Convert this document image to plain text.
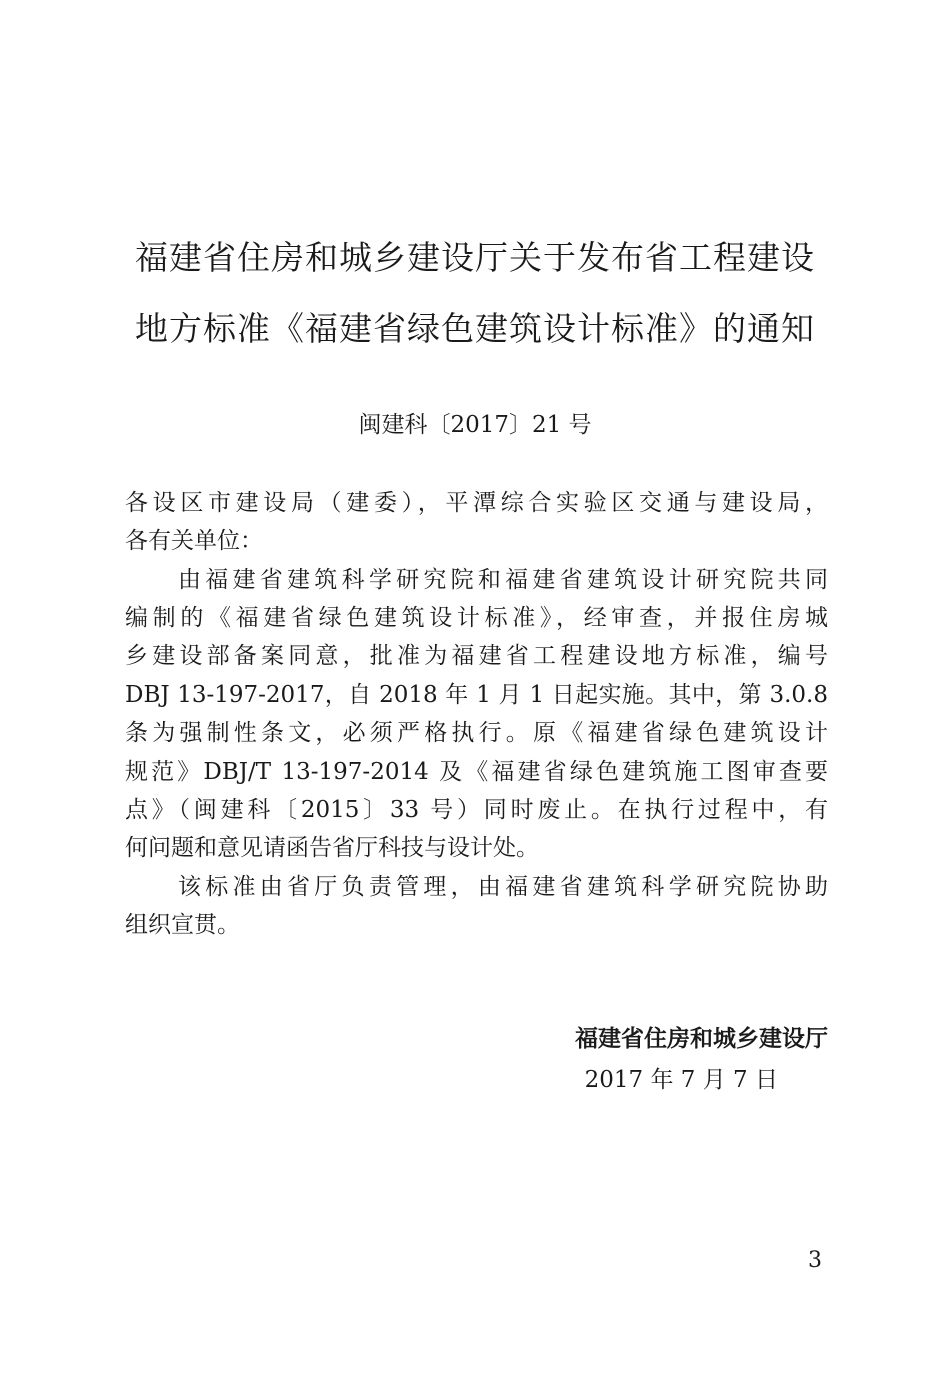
福建省住房和城乡建设厅关于发布省工程建设
地方标准《福建省绿色建筑设计标准》的通知
闽建科〔2017〕21 号
各设区市建设局（建委），平潭综合实验区交通与建设局，
各有关单位：
由福建省建筑科学研究院和福建省建筑设计研究院共同
编制的《福建省绿色建筑设计标准》，经审查，并报住房城
乡建设部备案同意，批准为福建省工程建设地方标准，编号
DBJ 13-197-2017，自 2018 年 1 月 1 日起实施。其中，第 3.0.8
条为强制性条文，必须严格执行。原《福建省绿色建筑设计
规范》DBJ/T 13-197-2014 及《福建省绿色建筑施工图审查要
点》（闽建科〔2015〕33 号）同时废止。在执行过程中，有
何问题和意见请函告省厅科技与设计处。
该标准由省厅负责管理，由福建省建筑科学研究院协助
组织宣贯。
福建省住房和城乡建设厅
2017 年 7 月 7 日
3
